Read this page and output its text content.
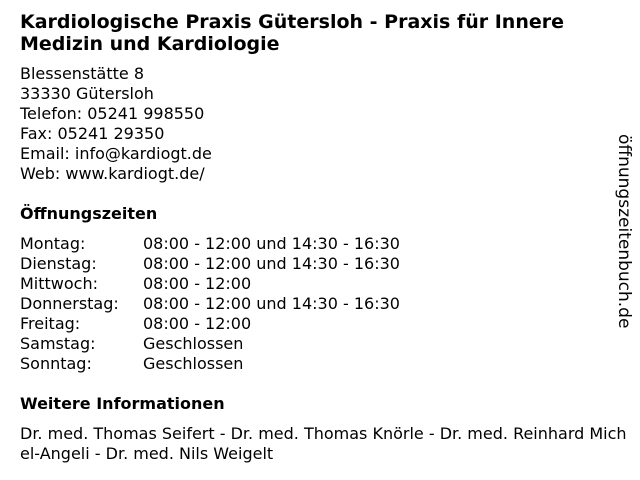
Kardiologische Praxis Gütersloh - Praxis für Innere Medizin und Kardiologie
Blessenstätte 8
33330 Gütersloh
Telefon: 05241 998550
Fax: 05241 29350
Email: info@kardiogt.de
Web: www.kardiogt.de/
Öffnungszeiten
Montag:	08:00 - 12:00 und 14:30 - 16:30
Dienstag:	08:00 - 12:00 und 14:30 - 16:30
Mittwoch:	08:00 - 12:00
Donnerstag:	08:00 - 12:00 und 14:30 - 16:30
Freitag:	08:00 - 12:00
Samstag:	Geschlossen
Sonntag:	Geschlossen
Weitere Informationen
Dr. med. Thomas Seifert - Dr. med. Thomas Knörle - Dr. med. Reinhard Michel-Angeli - Dr. med. Nils Weigelt
öffnungszeitenbuch.de
